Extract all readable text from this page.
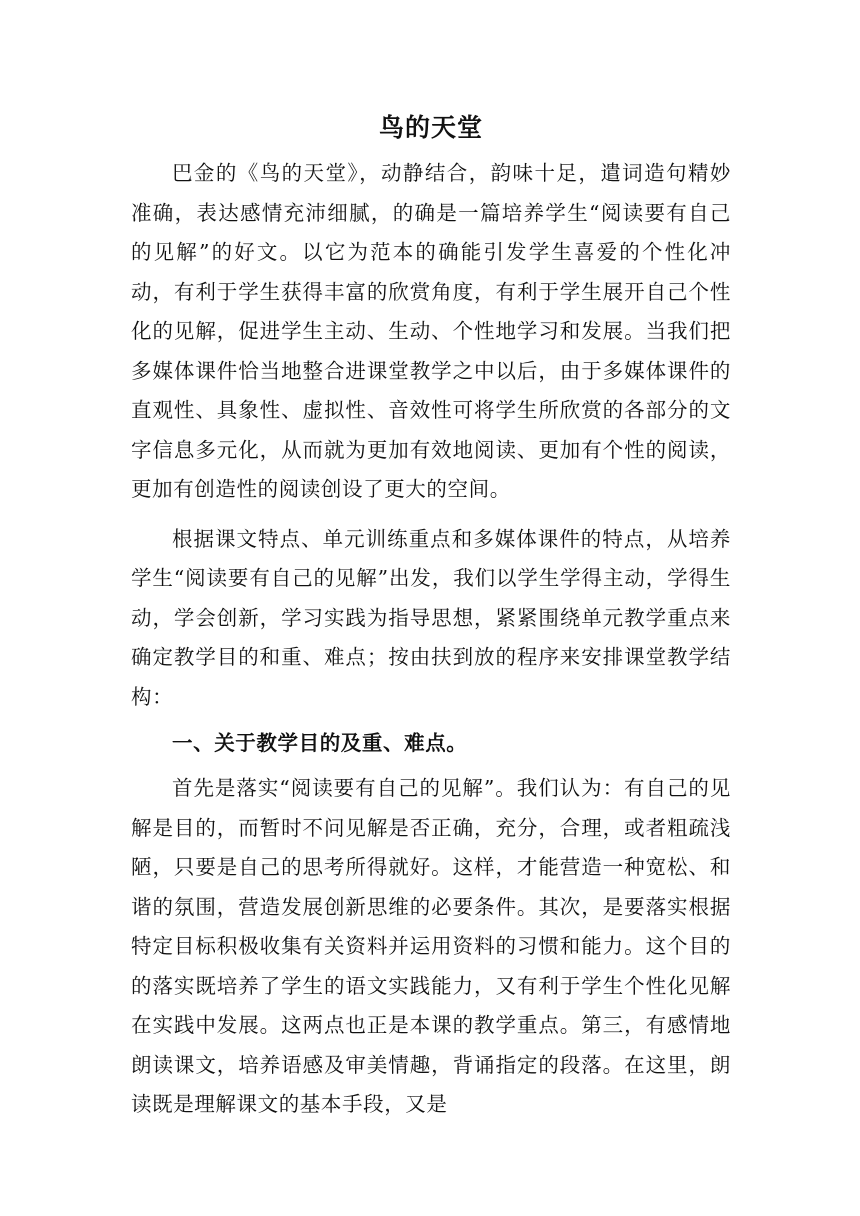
鸟的天堂

巴金的《鸟的天堂》，动静结合，韵味十足，遣词造句精妙准确，表达感情充沛细腻，的确是一篇培养学生“阅读要有自己的见解”的好文。以它为范本的确能引发学生喜爱的个性化冲动，有利于学生获得丰富的欣赏角度，有利于学生展开自己个性化的见解，促进学生主动、生动、个性地学习和发展。当我们把多媒体课件恰当地整合进课堂教学之中以后，由于多媒体课件的直观性、具象性、虚拟性、音效性可将学生所欣赏的各部分的文字信息多元化，从而就为更加有效地阅读、更加有个性的阅读，更加有创造性的阅读创设了更大的空间。

根据课文特点、单元训练重点和多媒体课件的特点，从培养学生“阅读要有自己的见解”出发，我们以学生学得主动，学得生动，学会创新，学习实践为指导思想，紧紧围绕单元教学重点来确定教学目的和重、难点；按由扶到放的程序来安排课堂教学结构：

一、关于教学目的及重、难点。

首先是落实“阅读要有自己的见解”。我们认为：有自己的见解是目的，而暂时不问见解是否正确，充分，合理，或者粗疏浅陋，只要是自己的思考所得就好。这样，才能营造一种宽松、和谐的氛围，营造发展创新思维的必要条件。其次，是要落实根据特定目标积极收集有关资料并运用资料的习惯和能力。这个目的的落实既培养了学生的语文实践能力，又有利于学生个性化见解在实践中发展。这两点也正是本课的教学重点。第三，有感情地朗读课文，培养语感及审美情趣，背诵指定的段落。在这里，朗读既是理解课文的基本手段，又是
